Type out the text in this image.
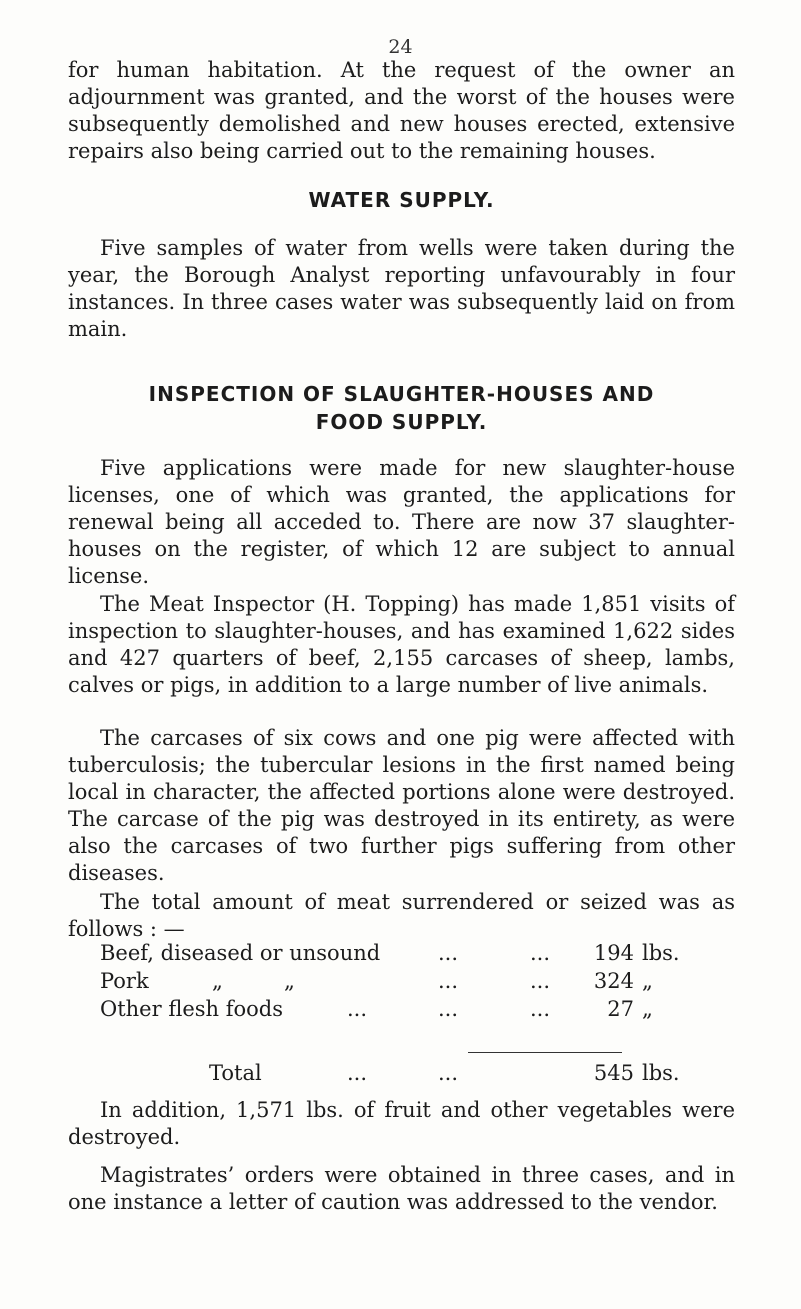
24

for human habitation. At the request of the owner an adjournment was granted, and the worst of the houses were subsequently demolished and new houses erected, extensive repairs also being carried out to the remaining houses.

WATER SUPPLY.

Five samples of water from wells were taken during the year, the Borough Analyst reporting unfavourably in four instances. In three cases water was subsequently laid on from main.

INSPECTION OF SLAUGHTER-HOUSES AND
FOOD SUPPLY.

Five applications were made for new slaughter-house licenses, one of which was granted, the applications for renewal being all acceded to. There are now 37 slaughter-houses on the register, of which 12 are subject to annual license.

The Meat Inspector (H. Topping) has made 1,851 visits of inspection to slaughter-houses, and has examined 1,622 sides and 427 quarters of beef, 2,155 carcases of sheep, lambs, calves or pigs, in addition to a large number of live animals.

The carcases of six cows and one pig were affected with tuberculosis; the tubercular lesions in the first named being local in character, the affected portions alone were destroyed. The carcase of the pig was destroyed in its entirety, as were also the carcases of two further pigs suffering from other diseases.

The total amount of meat surrendered or seized was as follows : —

Beef, diseased or unsound	...	...	194 lbs.
Pork	„	„	...	...	324 „
Other flesh foods	...	...	...	27 „
Total	...	...	545 lbs.

In addition, 1,571 lbs. of fruit and other vegetables were destroyed.

Magistrates’ orders were obtained in three cases, and in one instance a letter of caution was addressed to the vendor.
